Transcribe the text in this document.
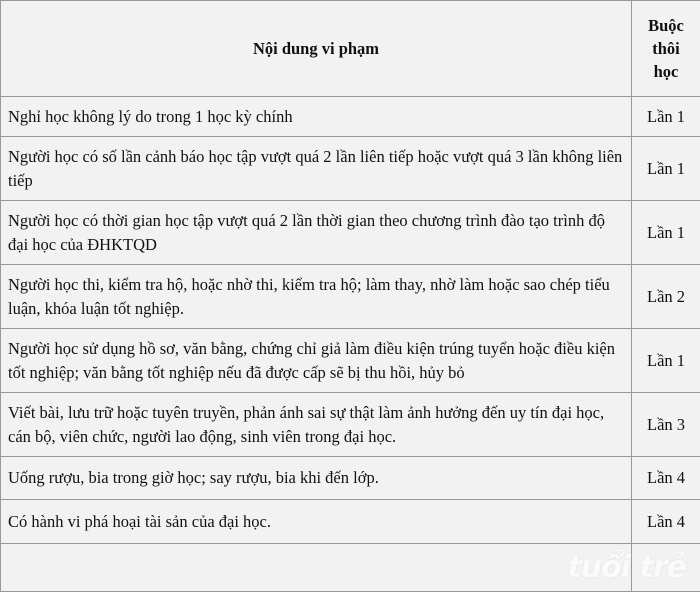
Nội dung vi phạm	Buộc
thôi
học
Nghỉ học không lý do trong 1 học kỳ chính	Lần 1
Người học có số lần cảnh báo học tập vượt quá 2 lần liên tiếp hoặc vượt quá 3 lần không liên tiếp	Lần 1
Người học có thời gian học tập vượt quá 2 lần thời gian theo chương trình đào tạo trình độ đại học của ĐHKTQD	Lần 1
Người học thi, kiểm tra hộ, hoặc nhờ thi, kiểm tra hộ; làm thay, nhờ làm hoặc sao chép tiểu luận, khóa luận tốt nghiệp.	Lần 2
Người học sử dụng hồ sơ, văn bằng, chứng chỉ giả làm điều kiện trúng tuyển hoặc điều kiện tốt nghiệp; văn bằng tốt nghiệp nếu đã được cấp sẽ bị thu hồi, hủy bỏ	Lần 1
Viết bài, lưu trữ hoặc tuyên truyền, phản ánh sai sự thật làm ảnh hưởng đến uy tín đại học, cán bộ, viên chức, người lao động, sinh viên trong đại học.	Lần 3
Uống rượu, bia trong giờ học; say rượu, bia khi đến lớp.	Lần 4
Có hành vi phá hoại tài sản của đại học.	Lần 4

tuổi trẻ
